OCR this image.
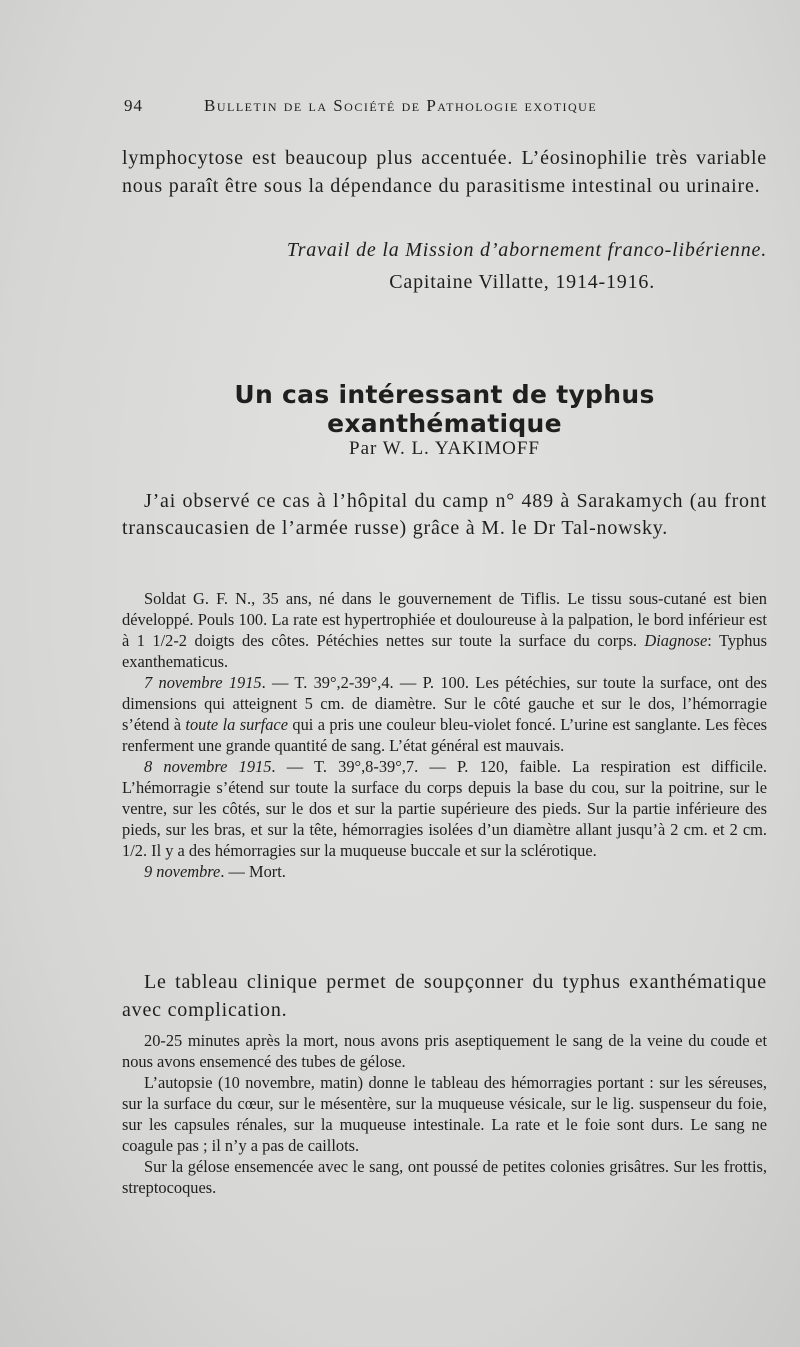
94	Bulletin de la Société de Pathologie exotique

lymphocytose est beaucoup plus accentuée. L’éosinophilie très variable nous paraît être sous la dépendance du parasitisme intestinal ou urinaire.

Travail de la Mission d’abornement franco-libérienne.

Capitaine Villatte, 1914-1916.

Un cas intéressant de typhus exanthématique
Par W. L. YAKIMOFF

J’ai observé ce cas à l’hôpital du camp n° 489 à Sarakamych (au front transcaucasien de l’armée russe) grâce à M. le Dr Tal-nowsky.

Soldat G. F. N., 35 ans, né dans le gouvernement de Tiflis. Le tissu sous-cutané est bien développé. Pouls 100. La rate est hypertrophiée et douloureuse à la palpation, le bord inférieur est à 1 1/2-2 doigts des côtes. Pétéchies nettes sur toute la surface du corps. Diagnose: Typhus exanthematicus.

7 novembre 1915. — T. 39°,2-39°,4. — P. 100. Les pétéchies, sur toute la surface, ont des dimensions qui atteignent 5 cm. de diamètre. Sur le côté gauche et sur le dos, l’hémorragie s’étend à toute la surface qui a pris une couleur bleu-violet foncé. L’urine est sanglante. Les fèces renferment une grande quantité de sang. L’état général est mauvais.

8 novembre 1915. — T. 39°,8-39°,7. — P. 120, faible. La respiration est difficile. L’hémorragie s’étend sur toute la surface du corps depuis la base du cou, sur la poitrine, sur le ventre, sur les côtés, sur le dos et sur la partie supérieure des pieds. Sur la partie inférieure des pieds, sur les bras, et sur la tête, hémorragies isolées d’un diamètre allant jusqu’à 2 cm. et 2 cm. 1/2. Il y a des hémorragies sur la muqueuse buccale et sur la sclérotique.

9 novembre. — Mort.

Le tableau clinique permet de soupçonner du typhus exanthématique avec complication.

20-25 minutes après la mort, nous avons pris aseptiquement le sang de la veine du coude et nous avons ensemencé des tubes de gélose.

L’autopsie (10 novembre, matin) donne le tableau des hémorragies portant : sur les séreuses, sur la surface du cœur, sur le mésentère, sur la muqueuse vésicale, sur le lig. suspenseur du foie, sur les capsules rénales, sur la muqueuse intestinale. La rate et le foie sont durs. Le sang ne coagule pas ; il n’y a pas de caillots.

Sur la gélose ensemencée avec le sang, ont poussé de petites colonies grisâtres. Sur les frottis, streptocoques.
